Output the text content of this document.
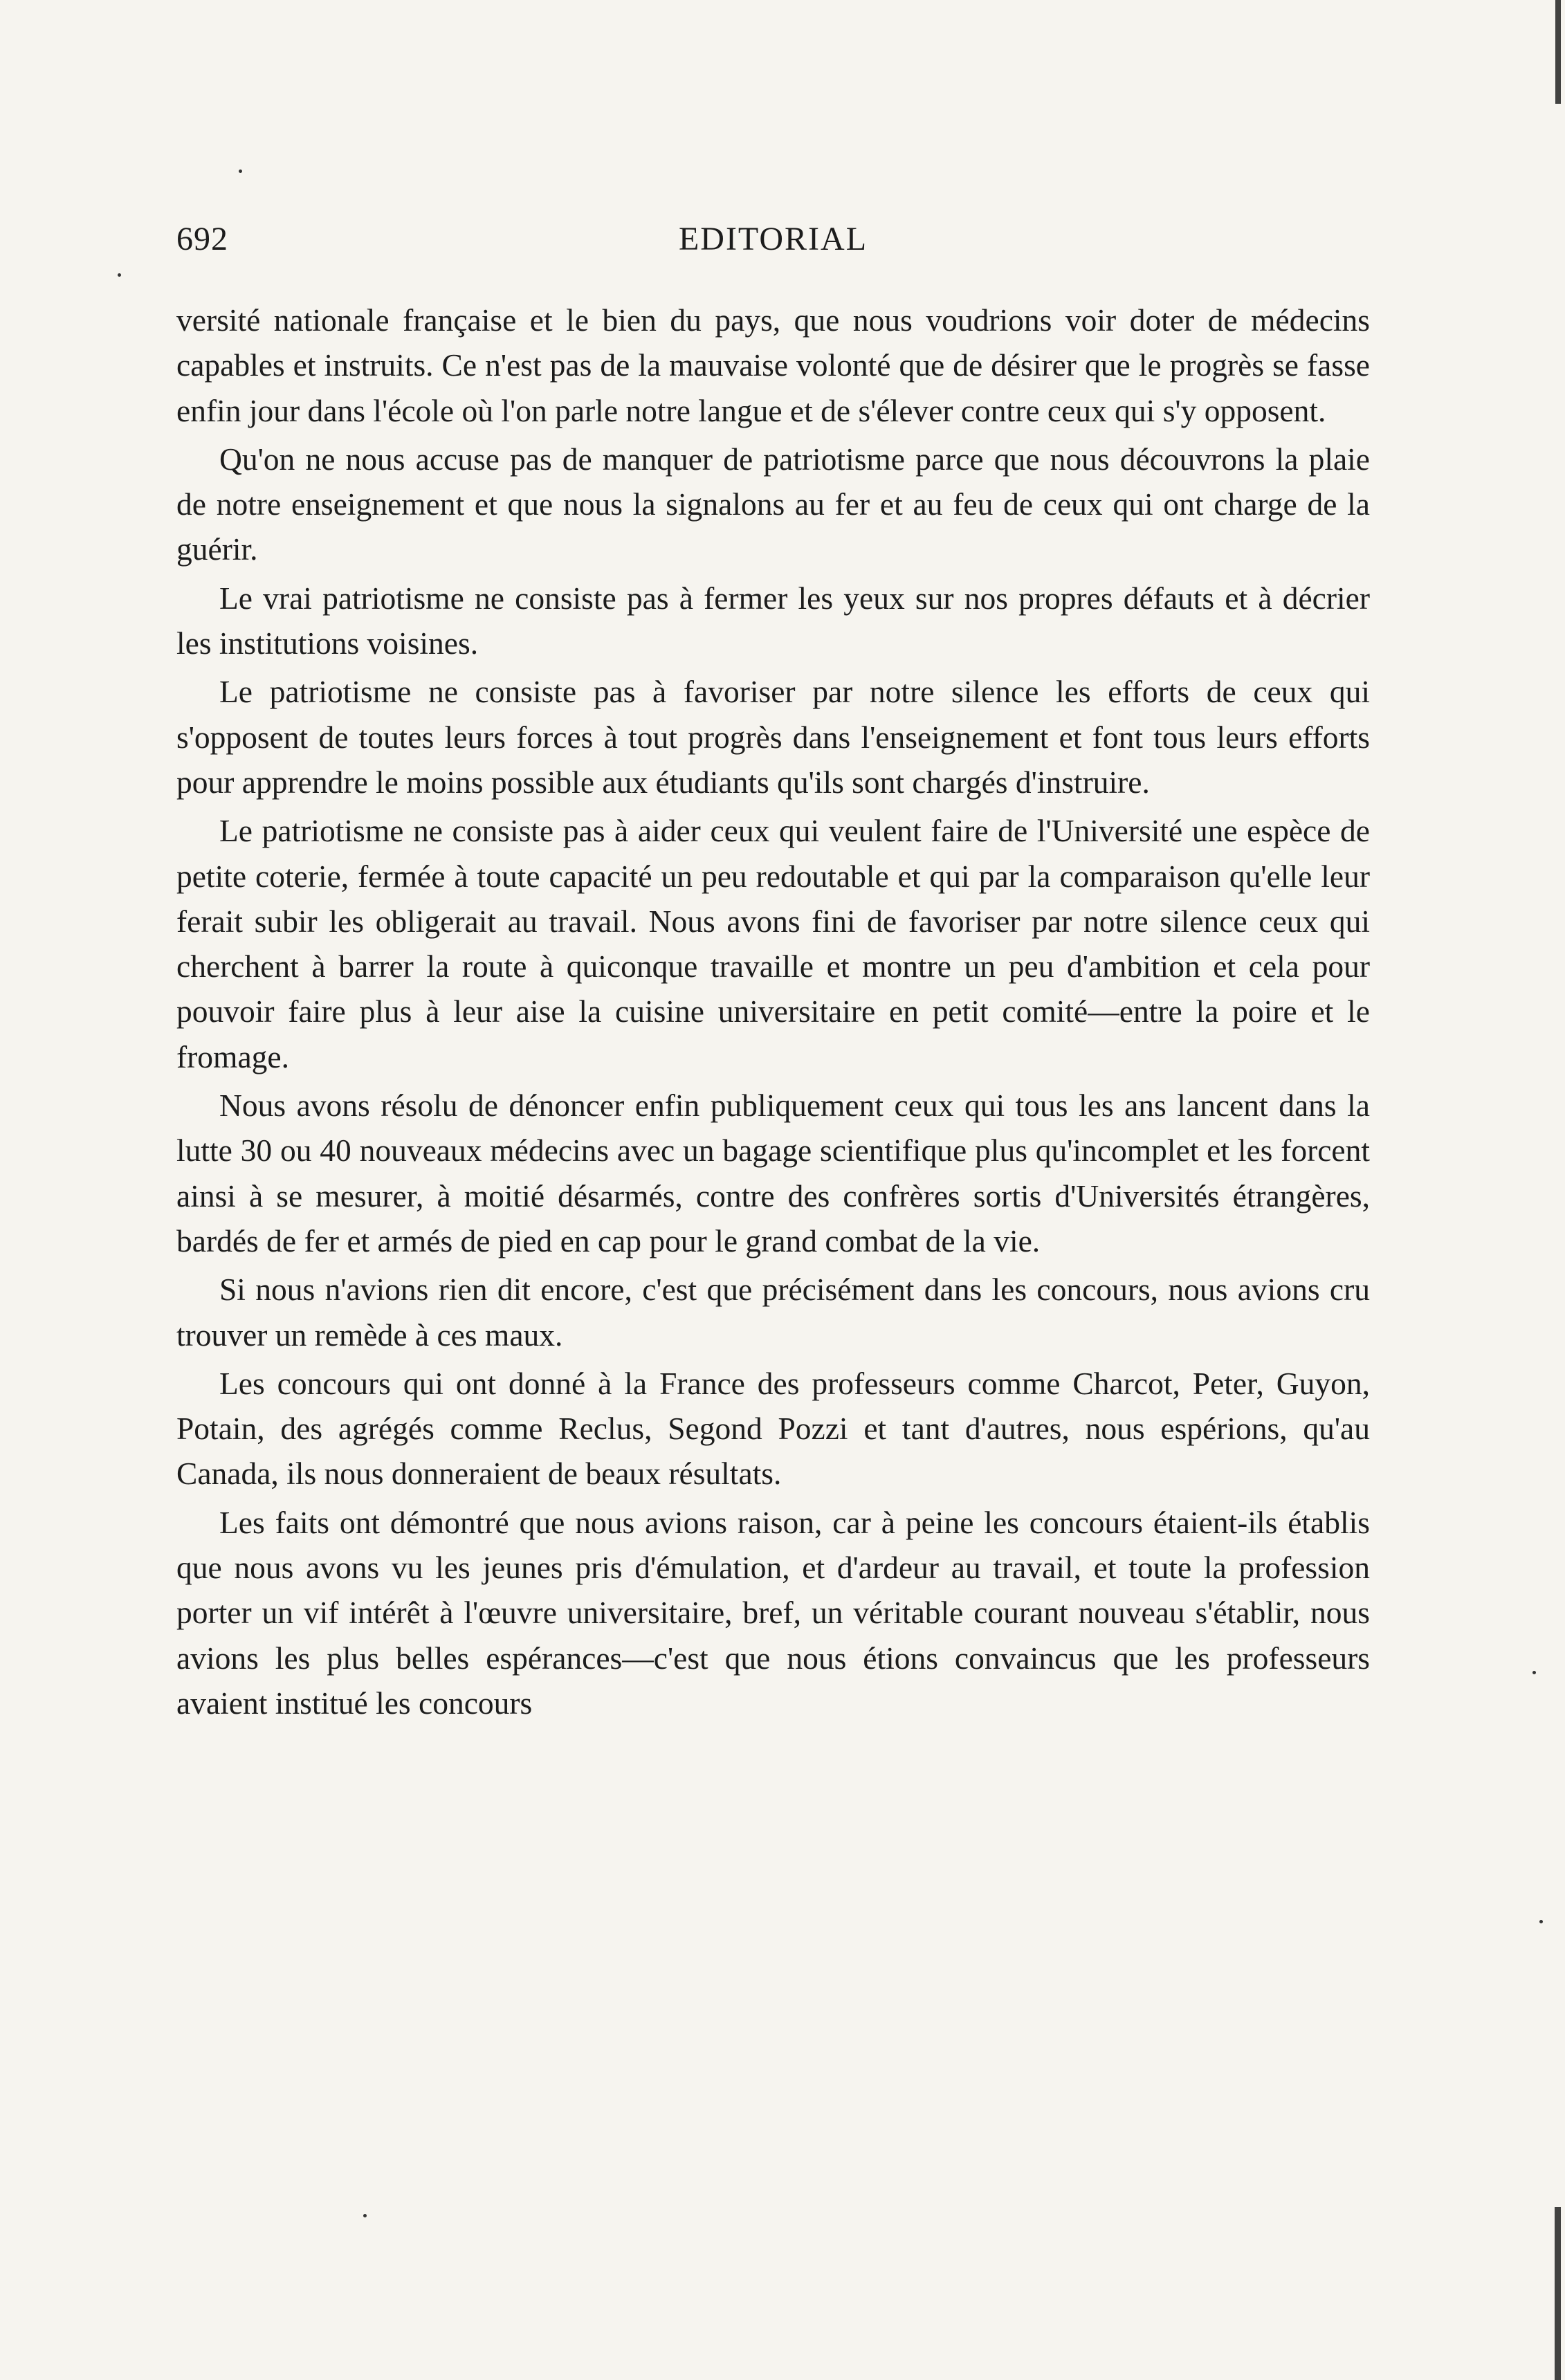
692	EDITORIAL

versité nationale française et le bien du pays, que nous voudrions voir doter de médecins capables et instruits. Ce n'est pas de la mauvaise volonté que de désirer que le progrès se fasse enfin jour dans l'école où l'on parle notre langue et de s'élever contre ceux qui s'y opposent.

Qu'on ne nous accuse pas de manquer de patriotisme parce que nous découvrons la plaie de notre enseignement et que nous la signalons au fer et au feu de ceux qui ont charge de la guérir.

Le vrai patriotisme ne consiste pas à fermer les yeux sur nos propres défauts et à décrier les institutions voisines.

Le patriotisme ne consiste pas à favoriser par notre silence les efforts de ceux qui s'opposent de toutes leurs forces à tout progrès dans l'enseignement et font tous leurs efforts pour apprendre le moins possible aux étudiants qu'ils sont chargés d'instruire.

Le patriotisme ne consiste pas à aider ceux qui veulent faire de l'Université une espèce de petite coterie, fermée à toute capacité un peu redoutable et qui par la comparaison qu'elle leur ferait subir les obligerait au travail. Nous avons fini de favoriser par notre silence ceux qui cherchent à barrer la route à quiconque travaille et montre un peu d'ambition et cela pour pouvoir faire plus à leur aise la cuisine universitaire en petit comité—entre la poire et le fromage.

Nous avons résolu de dénoncer enfin publiquement ceux qui tous les ans lancent dans la lutte 30 ou 40 nouveaux médecins avec un bagage scientifique plus qu'incomplet et les forcent ainsi à se mesurer, à moitié désarmés, contre des confrères sortis d'Universités étrangères, bardés de fer et armés de pied en cap pour le grand combat de la vie.

Si nous n'avions rien dit encore, c'est que précisément dans les concours, nous avions cru trouver un remède à ces maux.

Les concours qui ont donné à la France des professeurs comme Charcot, Peter, Guyon, Potain, des agrégés comme Reclus, Segond Pozzi et tant d'autres, nous espérions, qu'au Canada, ils nous donneraient de beaux résultats.

Les faits ont démontré que nous avions raison, car à peine les concours étaient-ils établis que nous avons vu les jeunes pris d'émulation, et d'ardeur au travail, et toute la profession porter un vif intérêt à l'œuvre universitaire, bref, un véritable courant nouveau s'établir, nous avions les plus belles espérances—c'est que nous étions convaincus que les professeurs avaient institué les concours
